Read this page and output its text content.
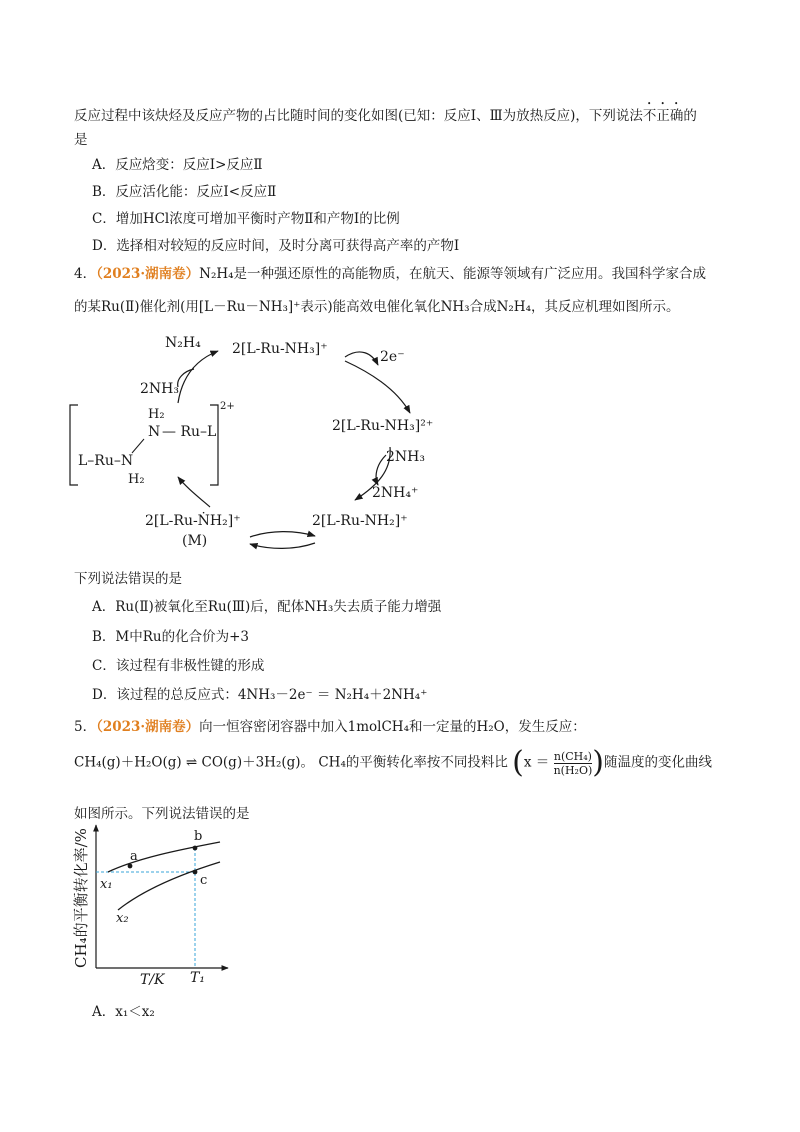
反应过程中该炔烃及反应产物的占比随时间的变化如图(已知：反应Ⅰ、Ⅲ为放热反应)，下列说法不正确的
是
A．反应焓变：反应Ⅰ>反应Ⅱ
B．反应活化能：反应Ⅰ<反应Ⅱ
C．增加HCl浓度可增加平衡时产物Ⅱ和产物Ⅰ的比例
D．选择相对较短的反应时间，及时分离可获得高产率的产物Ⅰ
4．（2023·湖南卷）N₂H₄是一种强还原性的高能物质，在航天、能源等领域有广泛应用。我国科学家合成
的某Ru(Ⅱ)催化剂(用[L－Ru－NH₃]⁺表示)能高效电催化氧化NH₃合成N₂H₄，其反应机理如图所示。
N₂H₄ 2[L-Ru-NH₃]⁺	2e⁻
2NH₃
2+
H₂
N — Ru–L
L–Ru–N
H₂
2[L-Ru-NH₃]²⁺
2NH₃
2NH₄⁺
2[L-Ru-NH₂]⁺
2[L-Ru-ṄH₂]⁺
(M)
下列说法错误的是
A．Ru(Ⅱ)被氧化至Ru(Ⅲ)后，配体NH₃失去质子能力增强
B．M中Ru的化合价为+3
C．该过程有非极性键的形成
D．该过程的总反应式：4NH₃－2e⁻ ＝ N₂H₄＋2NH₄⁺
5．（2023·湖南卷）向一恒容密闭容器中加入1molCH₄和一定量的H₂O，发生反应：
CH₄(g)＋H₂O(g) ⇌ CO(g)＋3H₂(g)。 CH₄的平衡转化率按不同投料比 ($x = \frac{\text{n(CH₄)}}{\text{n(H₂O)}}$ )随温度的变化曲线
如图所示。下列说法错误的是
CH₄的平衡转化率/%
T/K T₁
x₁
a
b
x₂
c
A．x₁＜x₂
